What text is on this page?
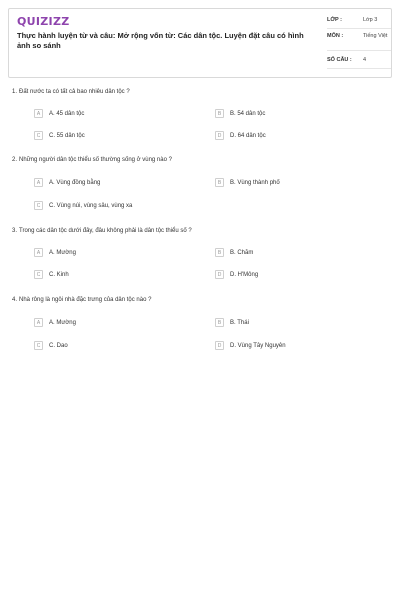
QUIZIZZ
Thực hành luyện từ và câu: Mở rộng vốn từ: Các dân tộc. Luyện đặt câu có hình ảnh so sánh
LỚP :	Lớp 3
MÔN :	Tiếng Việt
SỐ CÂU :	4
1. Đất nước ta có tất cả bao nhiêu dân tộc ?
A	A. 45 dân tộc	B	B. 54 dân tộc
C	C. 55 dân tộc	D	D. 64 dân tộc
2. Những người dân tộc thiểu số thường sống ở vùng nào ?
A	A. Vùng đồng bằng	B	B. Vùng thành phố
C	C. Vùng núi, vùng sâu, vùng xa
3. Trong các dân tộc dưới đây, đâu không phải là dân tộc thiểu số ?
A	A. Mường	B	B. Chăm
C	C. Kinh	D	D. H'Mông
4. Nhà rông là ngôi nhà đặc trưng của dân tộc nào ?
A	A. Mường	B	B. Thái
C	C. Dao	D	D. Vùng Tây Nguyên
